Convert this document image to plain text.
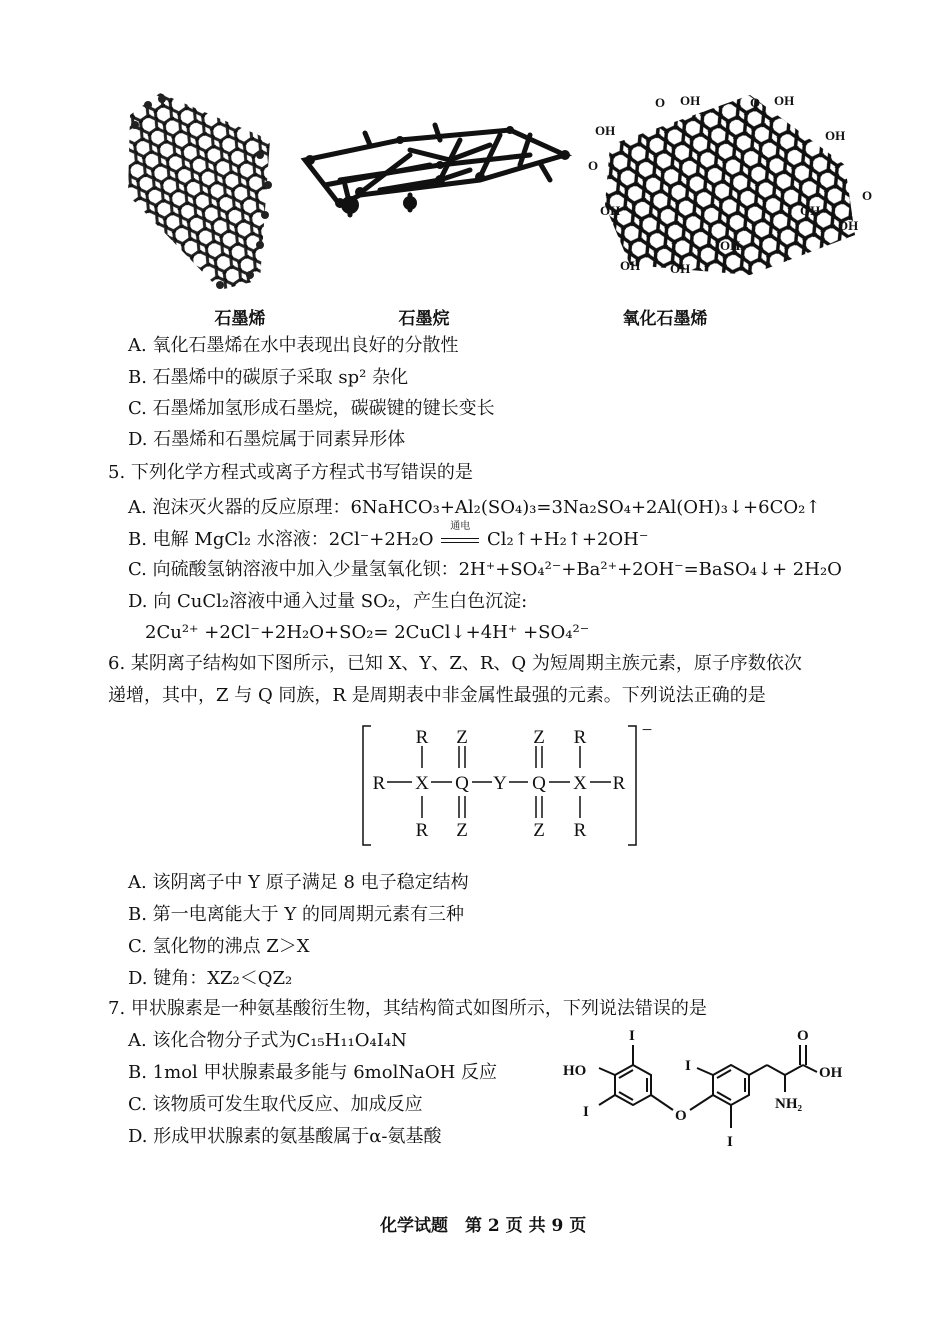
OH	OH
OH	OH
O	O
O
O
OH
OH
OH
OH
OH OH
石墨烯	石墨烷	氧化石墨烯
A. 氧化石墨烯在水中表现出良好的分散性
B. 石墨烯中的碳原子采取 sp² 杂化
C. 石墨烯加氢形成石墨烷，碳碳键的键长变长
D. 石墨烯和石墨烷属于同素异形体
5. 下列化学方程式或离子方程式书写错误的是
A. 泡沫灭火器的反应原理：6NaHCO₃+Al₂(SO₄)₃=3Na₂SO₄+2Al(OH)₃↓+6CO₂↑
B. 电解 MgCl₂ 水溶液：2Cl⁻+2H₂O
通电
Cl₂↑+H₂↑+2OH⁻
C. 向硫酸氢钠溶液中加入少量氢氧化钡：2H⁺+SO₄²⁻+Ba²⁺+2OH⁻=BaSO₄↓+ 2H₂O
D. 向 CuCl₂溶液中通入过量 SO₂，产生白色沉淀:
2Cu²⁺ +2Cl⁻+2H₂O+SO₂= 2CuCl↓+4H⁺ +SO₄²⁻
6. 某阴离子结构如下图所示，已知 X、Y、Z、R、Q 为短周期主族元素，原子序数依次
递增，其中，Z 与 Q 同族，R 是周期表中非金属性最强的元素。下列说法正确的是
R Z	Z R
R X Q Y Q X R
R Z	Z R
−
A. 该阴离子中 Y 原子满足 8 电子稳定结构
B. 第一电离能大于 Y 的同周期元素有三种
C. 氢化物的沸点 Z＞X
D. 键角：XZ₂＜QZ₂
7. 甲状腺素是一种氨基酸衍生物，其结构简式如图所示，下列说法错误的是
A. 该化合物分子式为C₁₅H₁₁O₄I₄N
B. 1mol 甲状腺素最多能与 6molNaOH 反应
C. 该物质可发生取代反应、加成反应
D. 形成甲状腺素的氨基酸属于α-氨基酸
HO
I
I	O
I
I
O
OH
NH₂
化学试题　第 2 页 共 9 页
